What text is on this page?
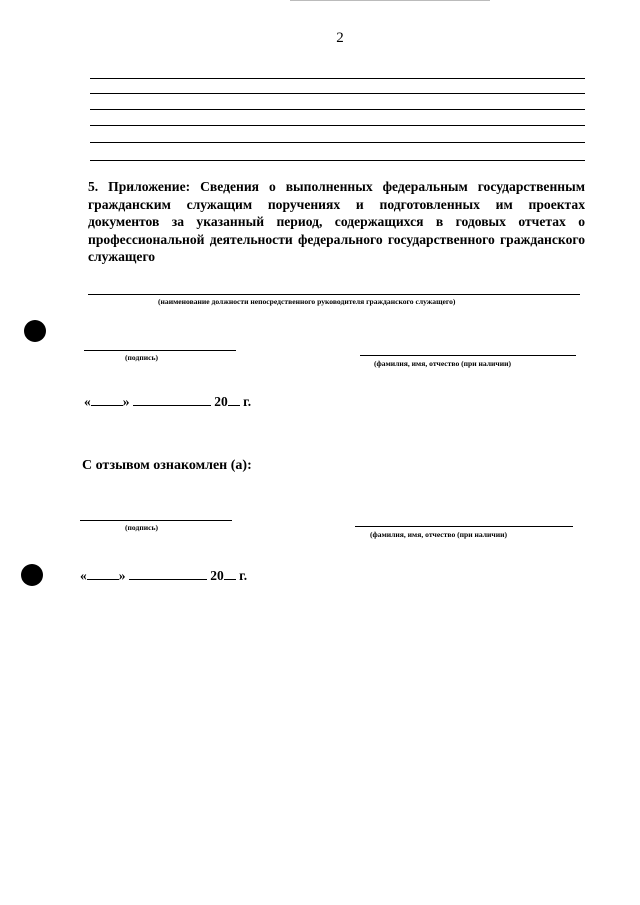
2
5. Приложение: Сведения о выполненных федеральным государственным гражданским служащим поручениях и подготовленных им проектах документов за указанный период, содержащихся в годовых отчетах о профессиональной деятельности федерального государственного гражданского служащего
(наименование должности непосредственного руководителя гражданского служащего)
(подпись)
(фамилия, имя, отчество (при наличии)
« »	20 г.
С отзывом ознакомлен (а):
(подпись)
(фамилия, имя, отчество (при наличии)
« »	20 г.
